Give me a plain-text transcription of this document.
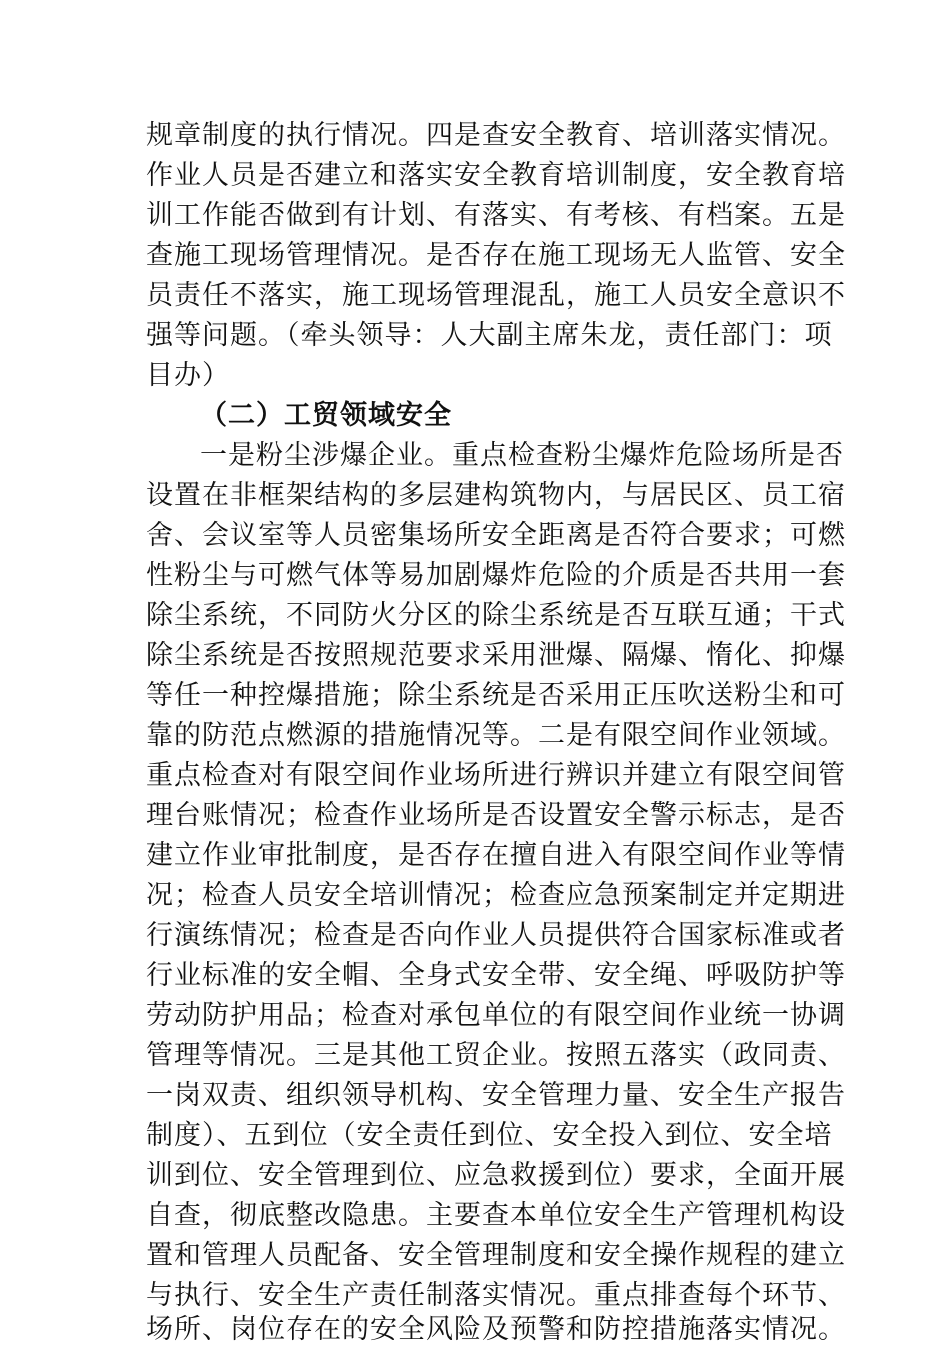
规章制度的执行情况。四是查安全教育、培训落实情况。
作业人员是否建立和落实安全教育培训制度，安全教育培
训工作能否做到有计划、有落实、有考核、有档案。五是
查施工现场管理情况。是否存在施工现场无人监管、安全
员责任不落实，施工现场管理混乱，施工人员安全意识不
强等问题。（牵头领导：人大副主席朱龙，责任部门：项
目办）
（二）工贸领域安全
一是粉尘涉爆企业。重点检查粉尘爆炸危险场所是否
设置在非框架结构的多层建构筑物内，与居民区、员工宿
舍、会议室等人员密集场所安全距离是否符合要求；可燃
性粉尘与可燃气体等易加剧爆炸危险的介质是否共用一套
除尘系统，不同防火分区的除尘系统是否互联互通；干式
除尘系统是否按照规范要求采用泄爆、隔爆、惰化、抑爆
等任一种控爆措施；除尘系统是否采用正压吹送粉尘和可
靠的防范点燃源的措施情况等。二是有限空间作业领域。
重点检查对有限空间作业场所进行辨识并建立有限空间管
理台账情况；检查作业场所是否设置安全警示标志，是否
建立作业审批制度，是否存在擅自进入有限空间作业等情
况；检查人员安全培训情况；检查应急预案制定并定期进
行演练情况；检查是否向作业人员提供符合国家标准或者
行业标准的安全帽、全身式安全带、安全绳、呼吸防护等
劳动防护用品；检查对承包单位的有限空间作业统一协调
管理等情况。三是其他工贸企业。按照五落实（政同责、
一岗双责、组织领导机构、安全管理力量、安全生产报告
制度）、五到位（安全责任到位、安全投入到位、安全培
训到位、安全管理到位、应急救援到位）要求，全面开展
自查，彻底整改隐患。主要查本单位安全生产管理机构设
置和管理人员配备、安全管理制度和安全操作规程的建立
与执行、安全生产责任制落实情况。重点排查每个环节、
场所、岗位存在的安全风险及预警和防控措施落实情况。
